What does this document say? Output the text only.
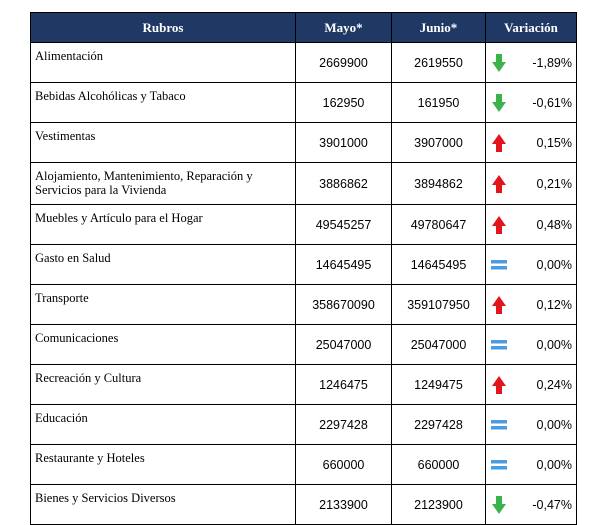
Rubros	Mayo*	Junio*	Variación
Alimentación	2669900	2619550	-1,89%

Bebidas Alcohólicas y Tabaco	162950	161950	-0,61%

Vestimentas	3901000	3907000	0,15%

Alojamiento, Mantenimiento, Reparación y Servicios para la Vivienda	3886862	3894862	0,21%

Muebles y Artículo para el Hogar	49545257	49780647	0,48%

Gasto en Salud	14645495	14645495	0,00%

Transporte	358670090	359107950	0,12%

Comunicaciones	25047000	25047000	0,00%

Recreación y Cultura	1246475	1249475	0,24%

Educación	2297428	2297428	0,00%

Restaurante y Hoteles	660000	660000	0,00%

Bienes y Servicios Diversos	2133900	2123900	-0,47%
